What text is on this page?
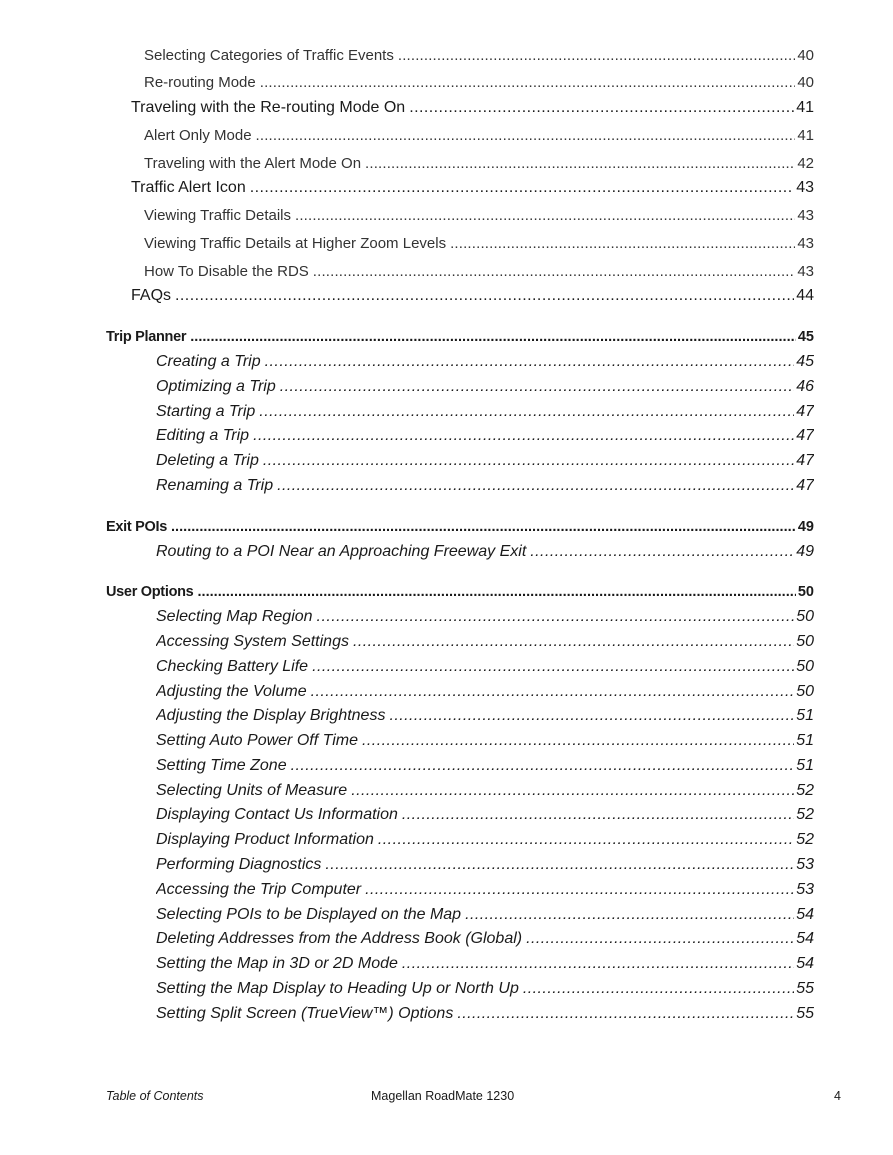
Selecting Categories of Traffic Events . . .	40
Re-routing Mode . . .	40
Traveling with the Re-routing Mode On . . .	41
Alert Only Mode . . .	41
Traveling with the Alert Mode On . . .	42
Traffic Alert Icon . . .	43
Viewing Traffic Details . . .	43
Viewing Traffic Details at Higher Zoom Levels . . .	43
How To Disable the RDS . . .	43
FAQs . . .	44
Trip Planner . . .	45
Creating a Trip . . .	45
Optimizing a Trip . . .	46
Starting a Trip . . .	47
Editing a Trip . . .	47
Deleting a Trip . . .	47
Renaming a Trip . . .	47
Exit POIs . . .	49
Routing to a POI Near an Approaching Freeway Exit . . .	49
User Options . . .	50
Selecting Map Region . . .	50
Accessing System Settings . . .	50
Checking Battery Life . . .	50
Adjusting the Volume . . .	50
Adjusting the Display Brightness . . .	51
Setting Auto Power Off Time . . .	51
Setting Time Zone . . .	51
Selecting Units of Measure . . .	52
Displaying Contact Us Information . . .	52
Displaying Product Information . . .	52
Performing Diagnostics . . .	53
Accessing the Trip Computer . . .	53
Selecting POIs to be Displayed on the Map . . .	54
Deleting Addresses from the Address Book (Global) . . .	54
Setting the Map in 3D or 2D Mode . . .	54
Setting the Map Display to Heading Up or North Up . . .	55
Setting Split Screen (TrueView™) Options . . .	55
Table of Contents	Magellan RoadMate 1230	4
